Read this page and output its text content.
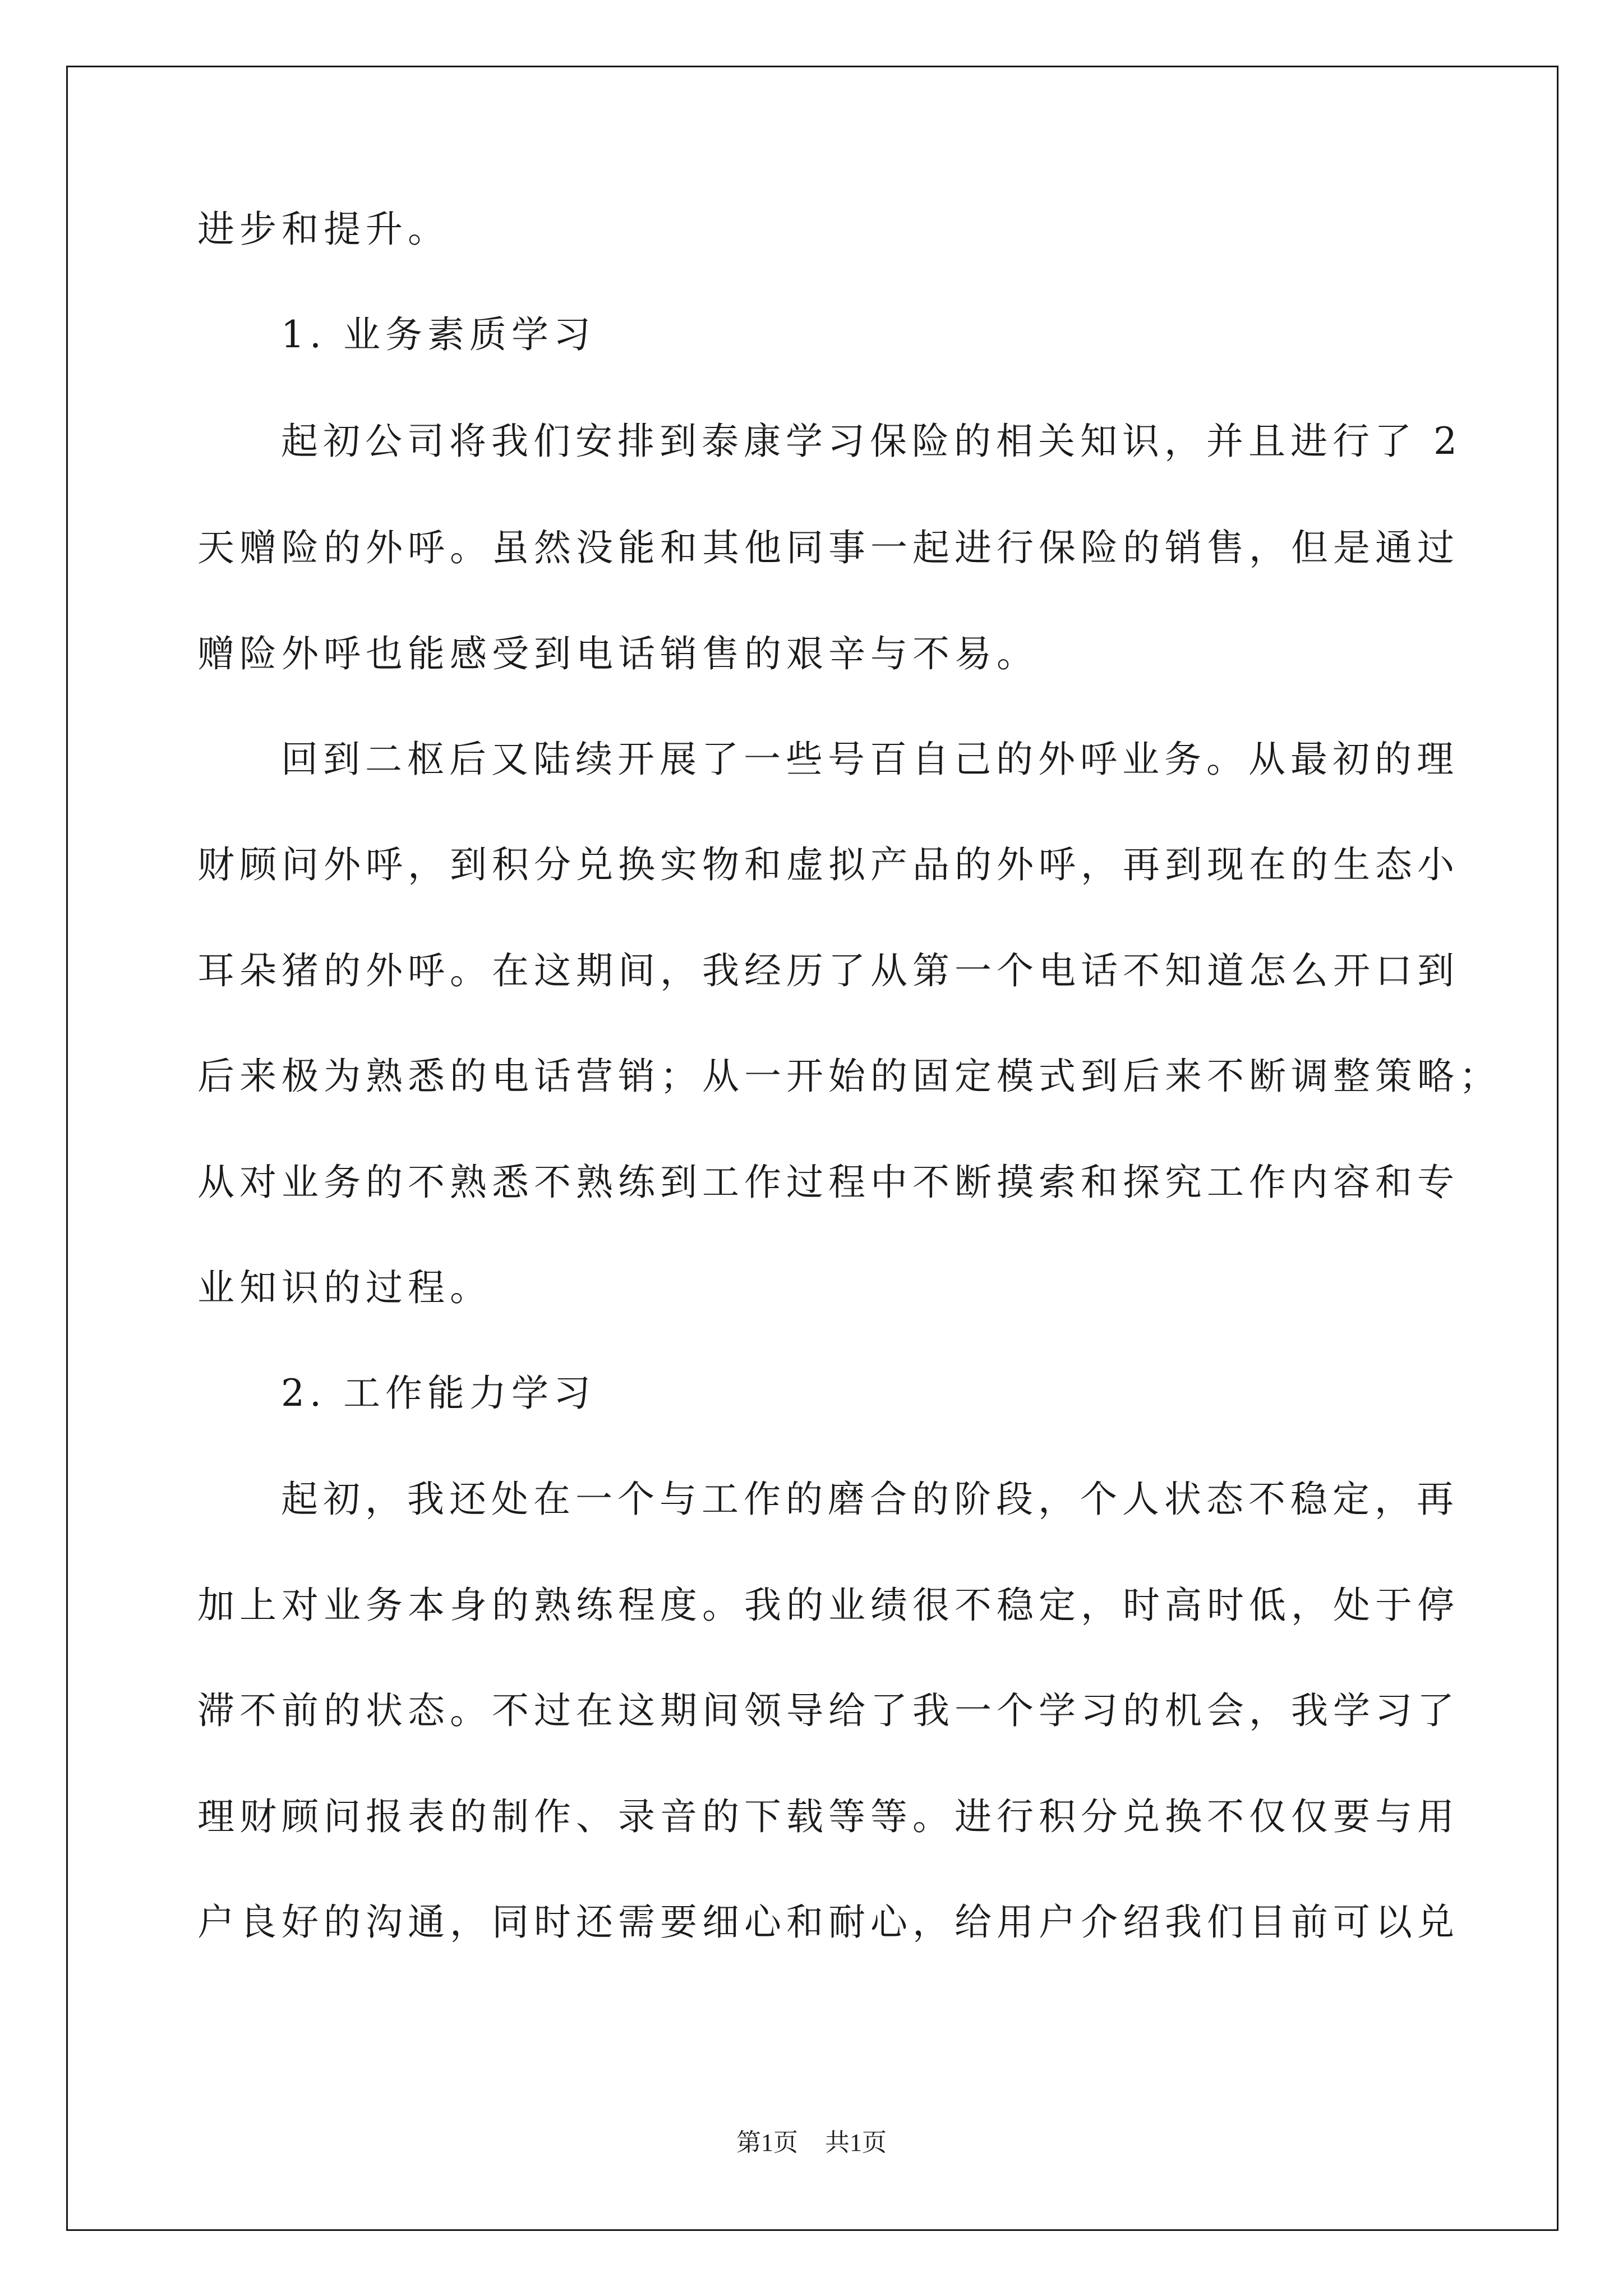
进步和提升。
1. 业务素质学习
起初公司将我们安排到泰康学习保险的相关知识，并且进行了 2
天赠险的外呼。虽然没能和其他同事一起进行保险的销售，但是通过
赠险外呼也能感受到电话销售的艰辛与不易。
回到二枢后又陆续开展了一些号百自己的外呼业务。从最初的理
财顾问外呼，到积分兑换实物和虚拟产品的外呼，再到现在的生态小
耳朵猪的外呼。在这期间，我经历了从第一个电话不知道怎么开口到
后来极为熟悉的电话营销；从一开始的固定模式到后来不断调整策略；
从对业务的不熟悉不熟练到工作过程中不断摸索和探究工作内容和专
业知识的过程。
2. 工作能力学习
起初，我还处在一个与工作的磨合的阶段，个人状态不稳定，再
加上对业务本身的熟练程度。我的业绩很不稳定，时高时低，处于停
滞不前的状态。不过在这期间领导给了我一个学习的机会，我学习了
理财顾问报表的制作、录音的下载等等。进行积分兑换不仅仅要与用
户良好的沟通，同时还需要细心和耐心，给用户介绍我们目前可以兑
第1页 共1页
